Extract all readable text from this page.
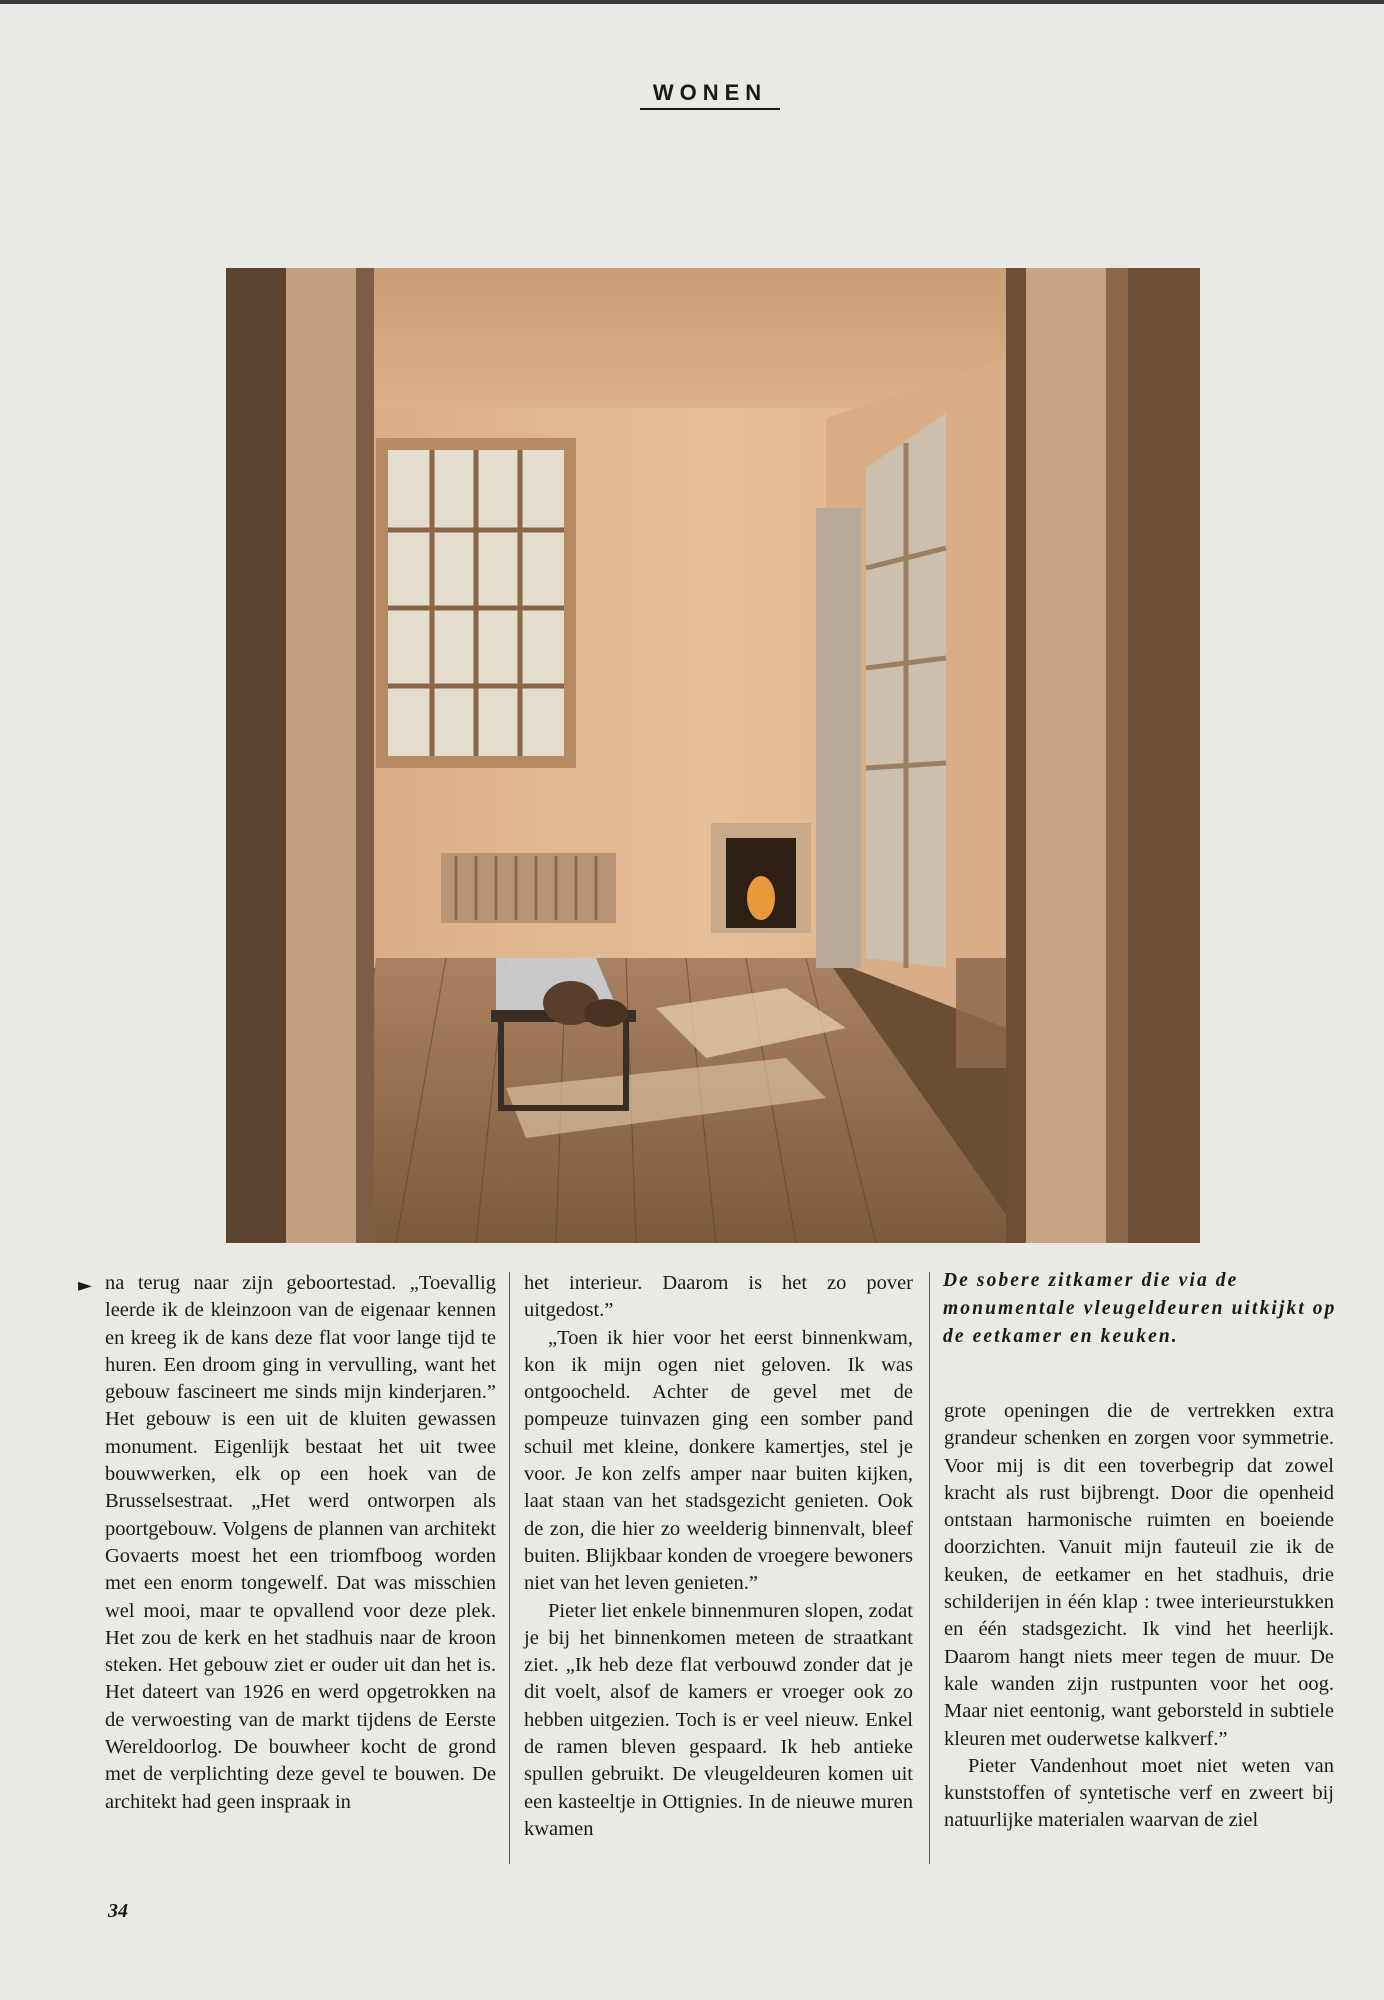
WONEN
► na terug naar zijn geboortestad. „Toevallig leerde ik de kleinzoon van de eigenaar kennen en kreeg ik de kans deze flat voor lange tijd te huren. Een droom ging in vervulling, want het gebouw fascineert me sinds mijn kinderjaren.” Het gebouw is een uit de kluiten gewassen monument. Eigenlijk bestaat het uit twee bouwwerken, elk op een hoek van de Brusselsestraat. „Het werd ontworpen als poortgebouw. Volgens de plannen van architekt Govaerts moest het een triomfboog worden met een enorm tongewelf. Dat was misschien wel mooi, maar te opvallend voor deze plek. Het zou de kerk en het stadhuis naar de kroon steken. Het gebouw ziet er ouder uit dan het is. Het dateert van 1926 en werd opgetrokken na de verwoesting van de markt tijdens de Eerste Wereldoorlog. De bouwheer kocht de grond met de verplichting deze gevel te bouwen. De architekt had geen inspraak in

het interieur. Daarom is het zo pover uitgedost.”

„Toen ik hier voor het eerst binnenkwam, kon ik mijn ogen niet geloven. Ik was ontgoocheld. Achter de gevel met de pompeuze tuinvazen ging een somber pand schuil met kleine, donkere kamertjes, stel je voor. Je kon zelfs amper naar buiten kijken, laat staan van het stadsgezicht genieten. Ook de zon, die hier zo weelderig binnenvalt, bleef buiten. Blijkbaar konden de vroegere bewoners niet van het leven genieten.”

Pieter liet enkele binnenmuren slopen, zodat je bij het binnenkomen meteen de straatkant ziet. „Ik heb deze flat verbouwd zonder dat je dit voelt, alsof de kamers er vroeger ook zo hebben uitgezien. Toch is er veel nieuw. Enkel de ramen bleven gespaard. Ik heb antieke spullen gebruikt. De vleugeldeuren komen uit een kasteeltje in Ottignies. In de nieuwe muren kwamen

De sobere zitkamer die via de monumentale vleugeldeuren uitkijkt op de eetkamer en keuken.

grote openingen die de vertrekken extra grandeur schenken en zorgen voor symmetrie. Voor mij is dit een toverbegrip dat zowel kracht als rust bijbrengt. Door die openheid ontstaan harmonische ruimten en boeiende doorzichten. Vanuit mijn fauteuil zie ik de keuken, de eetkamer en het stadhuis, drie schilderijen in één klap : twee interieurstukken en één stadsgezicht. Ik vind het heerlijk. Daarom hangt niets meer tegen de muur. De kale wanden zijn rustpunten voor het oog. Maar niet eentonig, want geborsteld in subtiele kleuren met ouderwetse kalkverf.”

Pieter Vandenhout moet niet weten van kunststoffen of syntetische verf en zweert bij natuurlijke materialen waarvan de ziel

34
